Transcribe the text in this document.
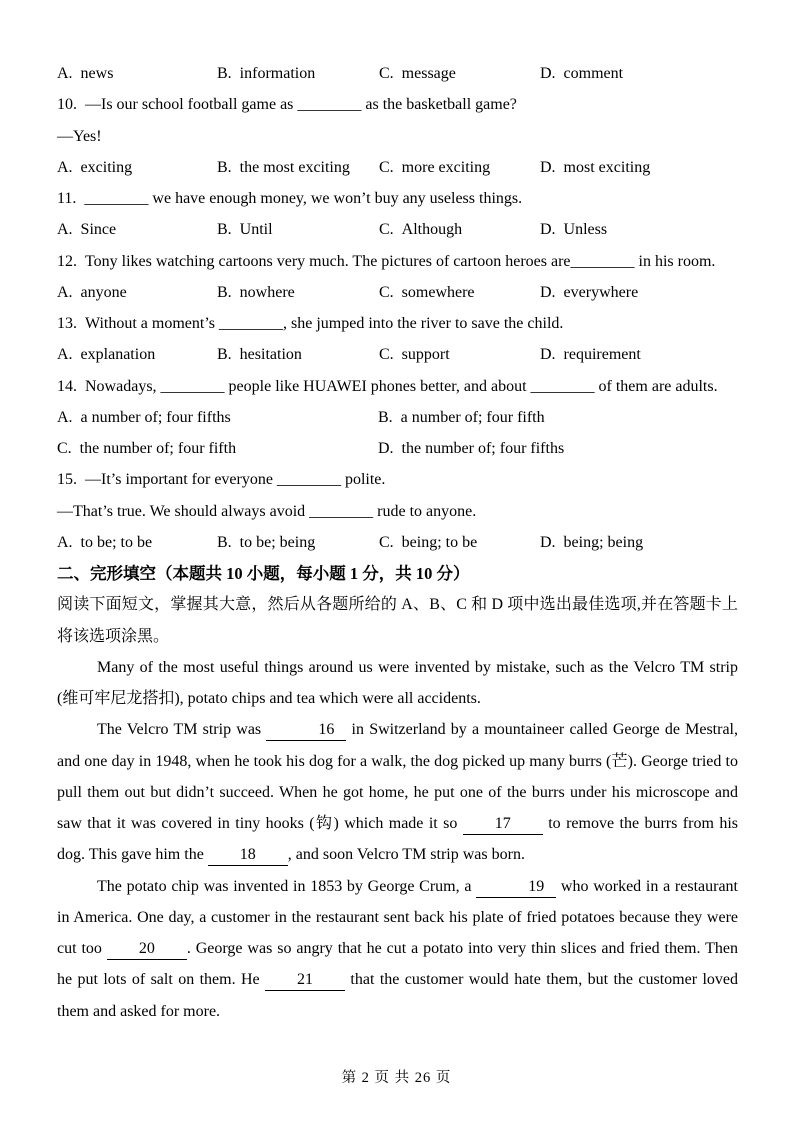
A.  news	B.  information	C.  message	D.  comment
10.  —Is our school football game as ________ as the basketball game?
—Yes!
A.  exciting	B.  the most exciting	C.  more exciting	D.  most exciting
11.  ________ we have enough money, we won’t buy any useless things.
A.  Since	B.  Until	C.  Although	D.  Unless
12.  Tony likes watching cartoons very much. The pictures of cartoon heroes are________ in his room.
A.  anyone	B.  nowhere	C.  somewhere	D.  everywhere
13.  Without a moment’s ________, she jumped into the river to save the child.
A.  explanation	B.  hesitation	C.  support	D.  requirement
14.  Nowadays, ________ people like HUAWEI phones better, and about ________ of them are adults.
A.  a number of; four fifths	B.  a number of; four fifth
C.  the number of; four fifth	D.  the number of; four fifths
15.  —It’s important for everyone ________ polite.
—That’s true. We should always avoid ________ rude to anyone.
A.  to be; to be	B.  to be; being	C.  being; to be	D.  being; being
二、完形填空（本题共 10 小题，每小题 1 分，共 10 分）
阅读下面短文，掌握其大意，然后从各题所给的 A、B、C 和 D 项中选出最佳选项,并在答题卡上
将该选项涂黑。
Many of the most useful things around us were invented by mistake, such as the Velcro TM strip
(维可牢尼龙搭扣), potato chips and tea which were all accidents.
The Velcro TM strip was	16 in Switzerland by a mountaineer called George de Mestral,
and one day in 1948, when he took his dog for a walk, the dog picked up many burrs (芒). George tried to
pull them out but didn’t succeed. When he got home, he put one of the burrs under his microscope and
saw that it was covered in tiny hooks (钩) which made it so 17 to remove the burrs from his
dog. This gave him the 18 , and soon Velcro TM strip was born.
The potato chip was invented in 1853 by George Crum, a	19 who worked in a restaurant
in America. One day, a customer in the restaurant sent back his plate of fried potatoes because they were
cut too 20 . George was so angry that he cut a potato into very thin slices and fried them. Then
he put lots of salt on them. He 21 that the customer would hate them, but the customer loved
them and asked for more.
第 2 页 共 26 页
